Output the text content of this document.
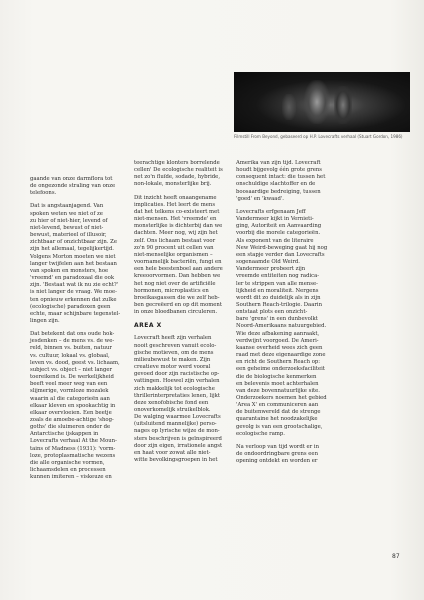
Filmstill From Beyond, gebaseerd op H.P. Lovecrafts verhaal (Stuart Gordon, 1986)

gaande van onze darmflora tot
de ongezonde straling van onze
telefoons.

Dat is angstaanjagend. Van
spoken weten we niet of ze
zu hier of niet-hier, levend of
niet-levend, bewust of niet-
bewust, materieel of illusoir,
zichtbaar of onzichtbaar zijn. Ze
zijn het allemaal, tegelijkertijd.
Volgens Morton moeten we niet
langer twijfelen aan het bestaan
van spoken en monsters, hoe
'vreemd' en paradoxaal die ook
zijn. 'Bestaat wat ik nu zie echt?'
is niet langer de vraag. We moe-
ten opnieuw erkennen dat zulke
(ecologische) paradoxen geen
echte, maar schijnbare tegenstel-
lingen zijn.

Dat betekent dat ons oude hok-
jesdenken – de mens vs. de we-
reld, binnen vs. buiten, natuur
vs. cultuur, lokaal vs. globaal,
leven vs. dood, geest vs. lichaam,
subject vs. object – niet langer
toereikend is. De werkelijkheid
beeft veel meer weg van een
slijmerige, vormloze mozaïek
waarin al die categorieën aan
elkaar kleven en spookachtig in
elkaar overvloeien. Een beetje
zoals de amoebe-achtige 'shog-
goths' die sluimeren onder de
Antarctische ijskappen in
Lovecrafts verhaal At the Moun-
tains of Madness (1931): 'vorm-
loze, protoplasmatische wezens
die alle organische vormen,
lichaamsdelen en processen
kunnen imiteren – viskeuze en

teerachtige klonters borrelende
cellen' De ecologische realiteit is
net zo'n fluïde, sodade, hybride,
non-lokale, monsterlijke brij.

Dit inzicht heeft onaangename
implicaties. Het leert de mens
dat het telkens co-existeert met
niet-mensen. Het 'vreemde' en
monsterlijke is dichterbij dan we
dachten. Meer nog, wij zijn het
zelf. Ons lichaam bestaat voor
zo'n 90 procent uit cellen van
niet-menselijke organismen –
voornamelijk bacteriën, fungi en
een hele beestenboel aan andere
kreeoorvormen. Dan hebben we
het nog niet over de artificiële
hormonen, microplastics en
broeikasgassen die we zelf heb-
ben gecreëerd en op dit moment
in onze bloedbanen circuleren.

AREA X

Lovecraft heeft zijn verhalen
nooit geschreven vanuit ecolo-
gische motieven, om de mens
milieubewust te maken. Zijn
creatieve motor werd vooral
gevoed door zijn racistische op-
vattingen. Hoewel zijn verhalen
zich makkelijk tot ecologische
thrillerinterpretaties lenen, lijkt
deze xenofobische fond een
onoverkomelijk struikelblok.
De walging waarmee Lovecrafts
(uitsluitend mannelijke) perso-
nages op lyrische wijze de mon-
sters beschrijven is geïnspireerd
door zijn eigen, irrationele angst
en haat voor zowat alle niet-
witte bevolkingsgroepen in het

Amerika van zijn tijd. Lovecraft
houdt bijgevolg één grote grens
consequent intact: die tussen het
onschuldige slachtoffer en de
boosaardige bedreiging, tussen
'goed' en 'kwaad'.

Lovecrafts erfgenaam Jeff
Vandermeer kijkt in Vernieti-
ging, Autoriteit en Aanvaarding
voorbij die morele categorieën.
Als exponent van de literaire
New Weird-beweging gaat hij nog
een stapje verder dan Lovecrafts
sogenaamde Old Weird.
Vandermeer probeert zijn
vreemde entiteiten nog radica-
ler te strippen van alle mense-
lijkheid en moraliteit. Nergens
wordt dit zo duidelijk als in zijn
Southern Reach-trilogie. Daarin
ontstaat plots een onzicht-
bare 'grens' in een dunbevolkt
Noord-Amerikaans natuurgebied.
Wie deze afbakening aanraakt,
verdwijnt voorgoed. De Ameri-
kaanse overheid wees zich geen
raad met deze eigenaardige zone
en richt de Southern Reach op:
een geheime onderzoeksfaciliteit
die de biologische kenmerken
en belevenis moet achterhalen
van deze bovennatuurlijke site.
Onderzoekers noemen het gebied
'Area X' en communiceren aan
de buitenwereld dat de strenge
quarantaine het noodzakelijke
gevolg is van een grootschalige,
ecologische ramp.

Na verloop van tijd wordt er in
de ondoordringbare grens een
opening ontdekt en worden er

87
